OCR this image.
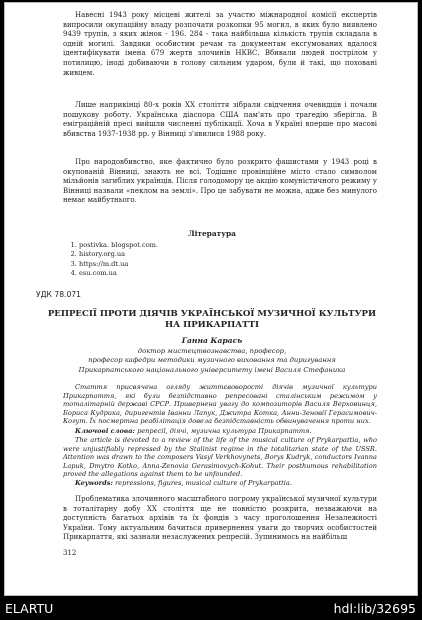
Навесні 1943 року місцеві жителі за участю міжнародної комісії експертів випросили окупаційну владу розпочати розкопки 95 могил, в яких було виявлено 9439 трупів, з яких жінок - 196. 284 - така найбільша кількість трупів складала в одній могилі. Завдяки особистим речам та документам ексгумованих вдалося ідентифікувати імена 679 жертв злочинів НКВС. Вбивали людей пострілом у потилицю, іноді добиваючи в голову сильним ударом, були й такі, що поховані живцем.

Лише наприкінці 80-х років ХХ століття зібрали свідчення очевидців і почали пошукову роботу. Українська діаспора США пам'ять про трагедію зберігла. В еміграційній пресі вийшли численні публікації. Хоча в Україні вперше про масові вбивства 1937-1938 рр. у Вінниці з'явилися 1988 року.

Про народовбивство, яке фактично було розкрито фашистами у 1943 році в окупованій Вінниці, знають не всі. Тодішнє провінційне місто стало символом мільйонів загиблих українців. Після голодомору це акцію комуністичного режиму у Вінниці назвали «пеклом на землі». Про це забувати не можна, адже без минулого немає майбутнього.

Література
1. postivka. blogspot.com.
2. history.org.ua
3. https://m.dt.ua
4. esu.com.ua
УДК 78.071
РЕПРЕСІЇ ПРОТИ ДІЯЧІВ УКРАЇНСЬКОЇ МУЗИЧНОЇ КУЛЬТУРИ НА ПРИКАРПАТТІ
Ганна Карась
доктор мистецтвознавства, професор,
професор кафедри методики музичного виховання та диригування
Прикарпатського національного університету імені Василя Стефаника

Стаття присвячена огляду життєвоворості діячів музичної культури Прикарпаття, які були безпідставно репресовані сталінським режимом у тоталітарній державі СРСР. Привернена увагу до композиторів Василя Верховинця, Бориса Кудрика, диригентів Іванни Лапук, Джитра Котка, Анни-Зеновії Герасимович-Когут. Їх посмертна реабілітація довела безпідставність обвинувачення проти них.

Ключові слова: репресії, діячі, музична культура Прикарпаття.

The article is devoted to a review of the life of the musical culture of Prykarpattia, who were unjustifiably repressed by the Stalinist regime in the totalitarian state of the USSR. Attention was drawn to the composers Vasyl Verkhovynets, Borys Kudryk, conductors Ivanna Lapuk, Dmytro Kotko, Anna-Zenovia Gerasimovych-Kohut. Their posthumous rehabilitation proved the allegations against them to be unfounded.

Keywords: repressions, figures, musical culture of Prykarpattia.

Проблематика злочинного масштабного погрому української музичної культури в тоталітарну добу ХХ століття ще не повністю розкрита, незважаючи на доступність багатьох архівів та їх фондів з часу проголошення Незалежності України. Тому актуальним бачиться привернення уваги до творчих особистостей Прикарпаття, які зазнали незаслужених репресій. Зупинимось на найбільш

312
ELARTU	hdl:lib/32695
